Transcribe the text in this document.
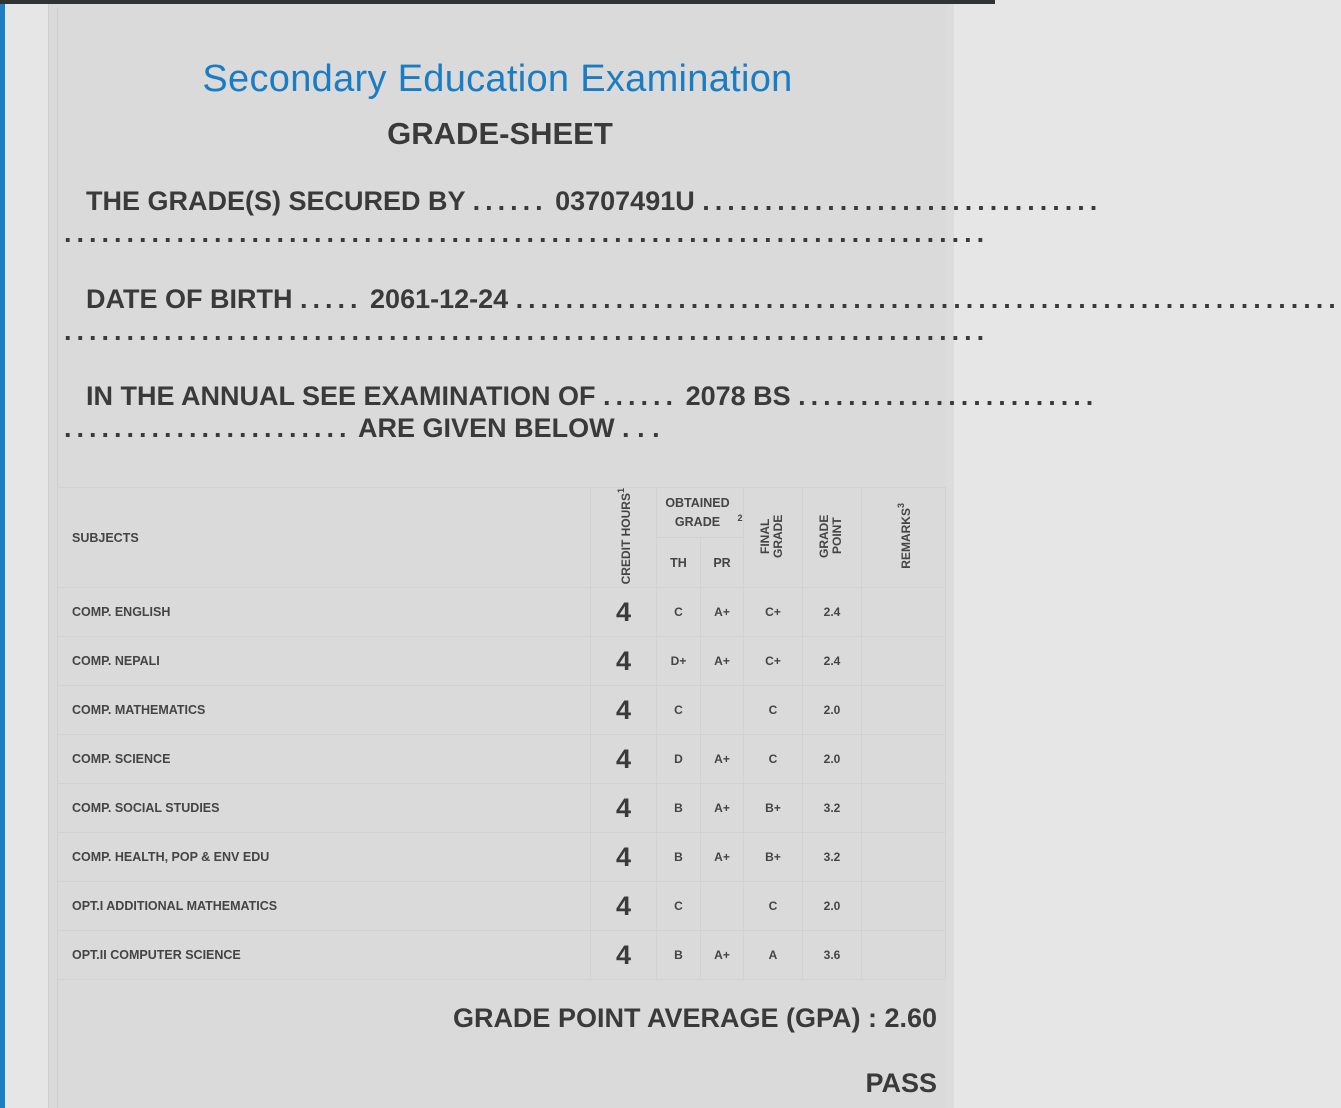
Secondary Education Examination
GRADE-SHEET
THE GRADE(S) SECURED BY ...... 03707491U ................................
..........................................................................
DATE OF BIRTH ..... 2061-12-24 ..................................................................
..........................................................................
IN THE ANNUAL SEE EXAMINATION OF ...... 2078 BS ........................
....................... ARE GIVEN BELOW . . .
SUBJECTS	CREDIT HOURS$^1$	OBTAINED GRADE $^2$		FINAL GRADE	GRADE POINT	REMARKS$^3$
		TH	PR			
COMP. ENGLISH	4	C	A+	C+	2.4	
COMP. NEPALI	4	D+	A+	C+	2.4	
COMP. MATHEMATICS	4	C		C	2.0	
COMP. SCIENCE	4	D	A+	C	2.0	
COMP. SOCIAL STUDIES	4	B	A+	B+	3.2	
COMP. HEALTH, POP & ENV EDU	4	B	A+	B+	3.2	
OPT.I ADDITIONAL MATHEMATICS	4	C		C	2.0	
OPT.II COMPUTER SCIENCE	4	B	A+	A	3.6	
GRADE POINT AVERAGE (GPA) : 2.60
PASS
